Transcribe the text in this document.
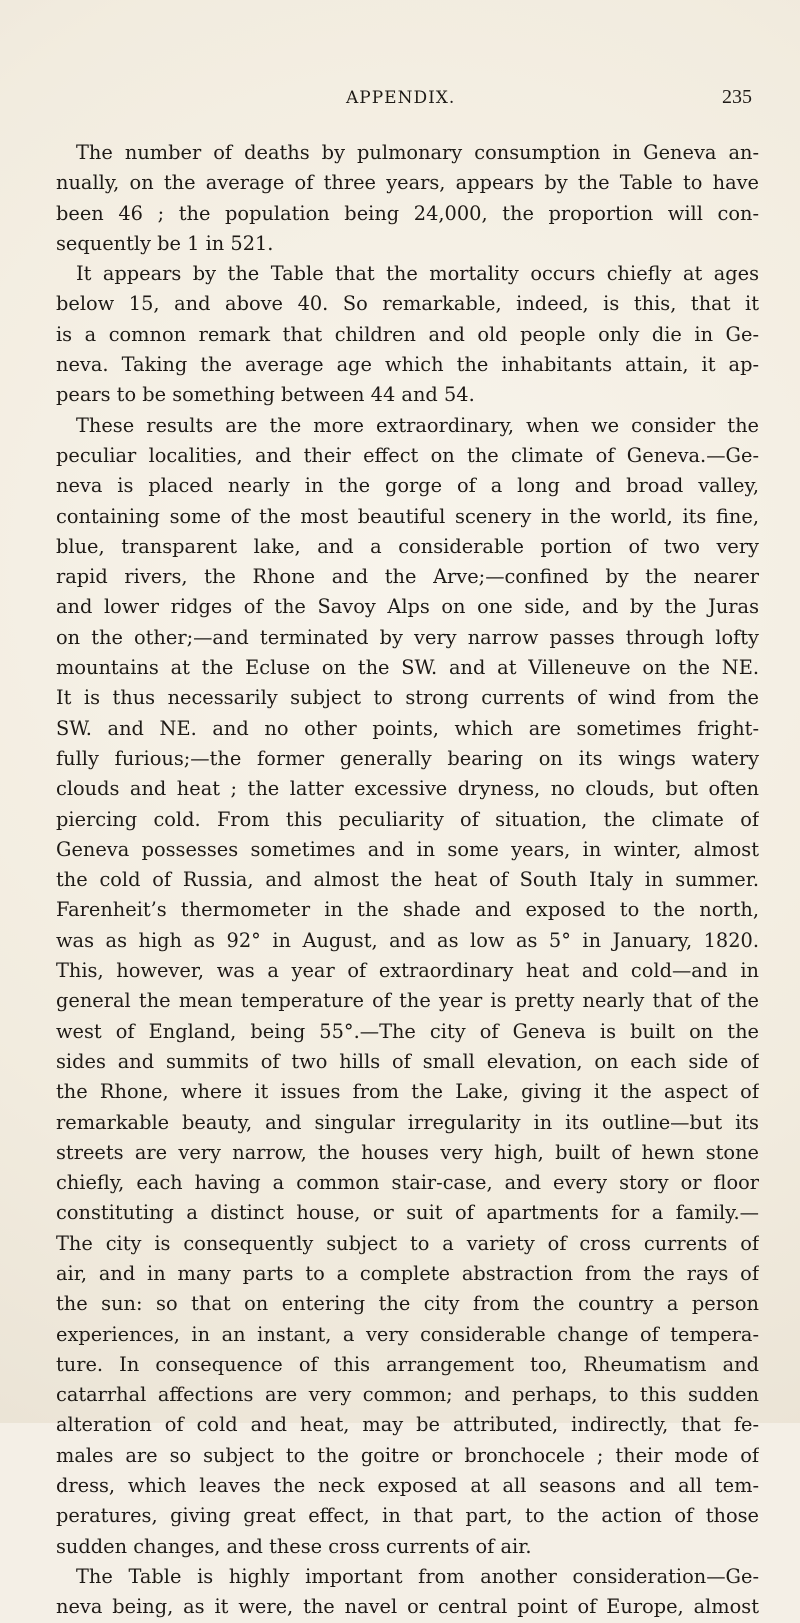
APPENDIX.	235
The number of deaths by pulmonary consumption in Geneva an-
nually, on the average of three years, appears by the Table to have
been 46 ; the population being 24,000, the proportion will con-
sequently be 1 in 521.
It appears by the Table that the mortality occurs chiefly at ages
below 15, and above 40. So remarkable, indeed, is this, that it
is a comnon remark that children and old people only die in Ge-
neva. Taking the average age which the inhabitants attain, it ap-
pears to be something between 44 and 54.
These results are the more extraordinary, when we consider the
peculiar localities, and their effect on the climate of Geneva.—Ge-
neva is placed nearly in the gorge of a long and broad valley,
containing some of the most beautiful scenery in the world, its fine,
blue, transparent lake, and a considerable portion of two very
rapid rivers, the Rhone and the Arve;—confined by the nearer
and lower ridges of the Savoy Alps on one side, and by the Juras
on the other;—and terminated by very narrow passes through lofty
mountains at the Ecluse on the SW. and at Villeneuve on the NE.
It is thus necessarily subject to strong currents of wind from the
SW. and NE. and no other points, which are sometimes fright-
fully furious;—the former generally bearing on its wings watery
clouds and heat ; the latter excessive dryness, no clouds, but often
piercing cold. From this peculiarity of situation, the climate of
Geneva possesses sometimes and in some years, in winter, almost
the cold of Russia, and almost the heat of South Italy in summer.
Farenheit’s thermometer in the shade and exposed to the north,
was as high as 92° in August, and as low as 5° in January, 1820.
This, however, was a year of extraordinary heat and cold—and in
general the mean temperature of the year is pretty nearly that of the
west of England, being 55°.—The city of Geneva is built on the
sides and summits of two hills of small elevation, on each side of
the Rhone, where it issues from the Lake, giving it the aspect of
remarkable beauty, and singular irregularity in its outline—but its
streets are very narrow, the houses very high, built of hewn stone
chiefly, each having a common stair-case, and every story or floor
constituting a distinct house, or suit of apartments for a family.—
The city is consequently subject to a variety of cross currents of
air, and in many parts to a complete abstraction from the rays of
the sun: so that on entering the city from the country a person
experiences, in an instant, a very considerable change of tempera-
ture. In consequence of this arrangement too, Rheumatism and
catarrhal affections are very common; and perhaps, to this sudden
alteration of cold and heat, may be attributed, indirectly, that fe-
males are so subject to the goitre or bronchocele ; their mode of
dress, which leaves the neck exposed at all seasons and all tem-
peratures, giving great effect, in that part, to the action of those
sudden changes, and these cross currents of air.
The Table is highly important from another consideration—Ge-
neva being, as it were, the navel or central point of Europe, almost
